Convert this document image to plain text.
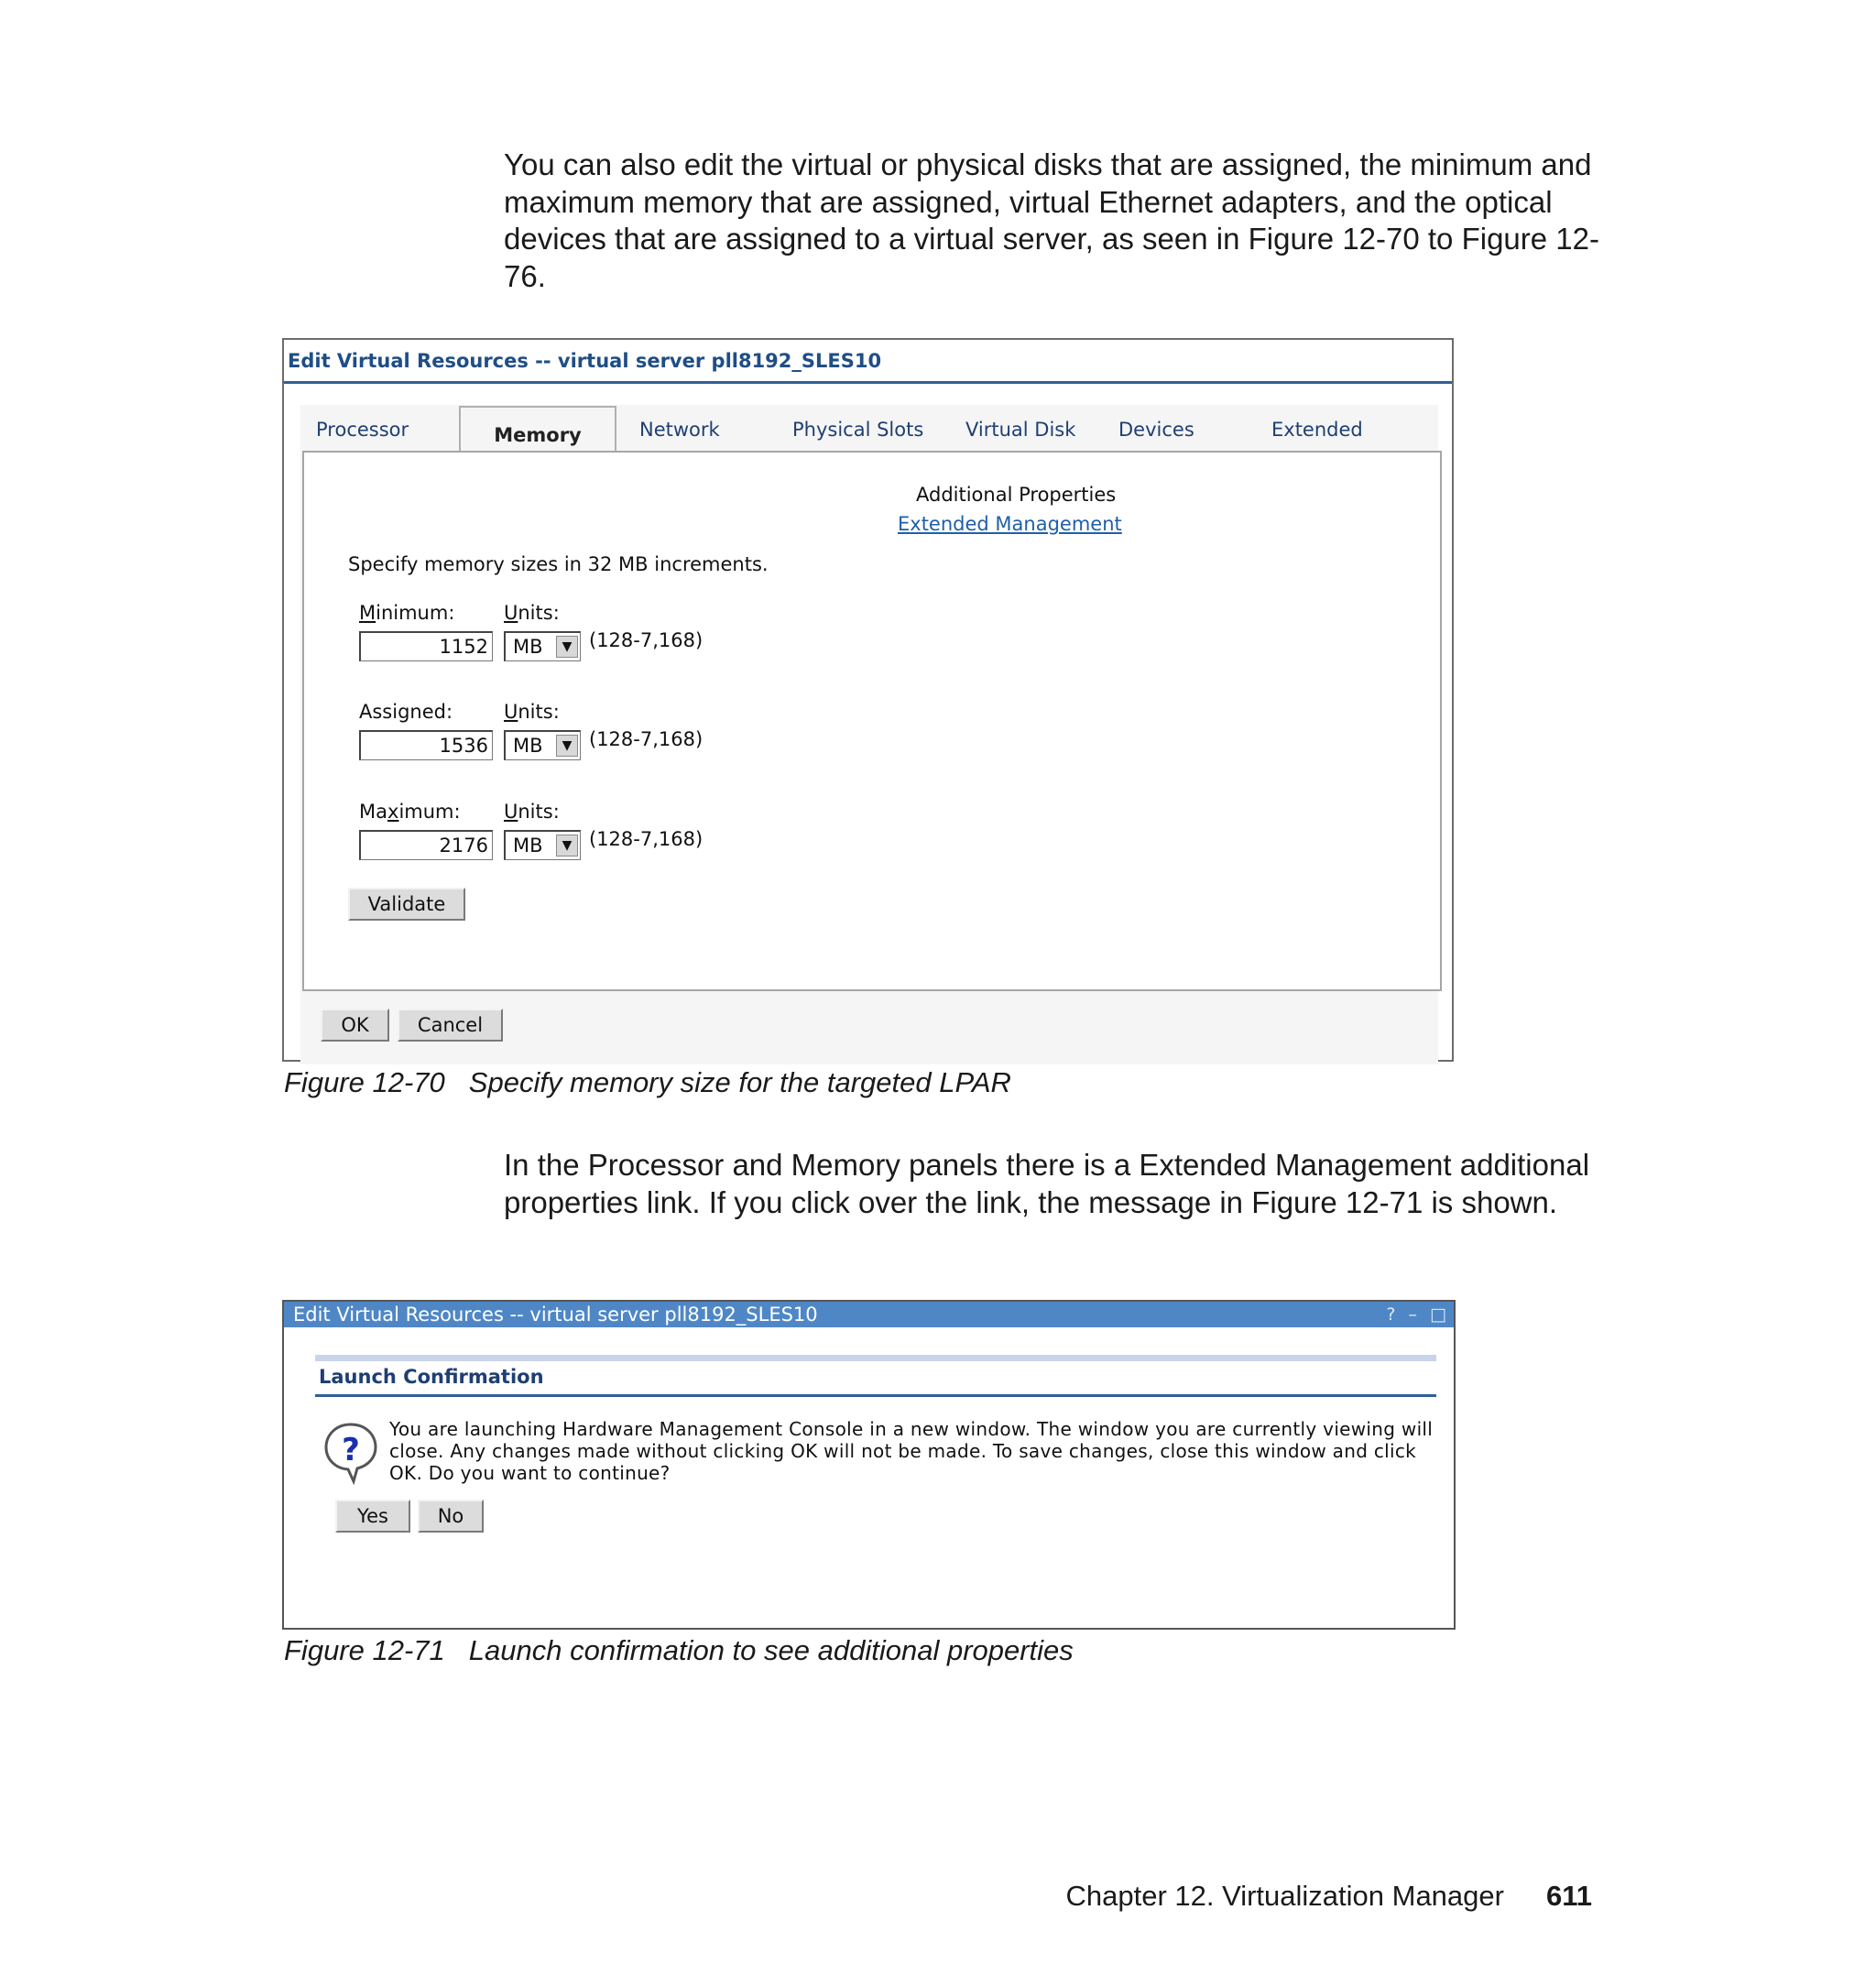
You can also edit the virtual or physical disks that are assigned, the minimum and maximum memory that are assigned, virtual Ethernet adapters, and the optical devices that are assigned to a virtual server, as seen in Figure 12-70 to Figure 12-76.

Edit Virtual Resources -- virtual server pll8192_SLES10
Processor	Memory	Network	Physical Slots Virtual Disk Devices	Extended
Additional Properties
Extended Management
Specify memory sizes in 32 MB increments.
Minimum:	Units:
1152 MB	▼ (128-7,168)
Assigned:	Units:
1536 MB	▼ (128-7,168)
Maximum: Units:
2176 MB	▼ (128-7,168)
Validate
OK	Cancel
Figure 12-70 Specify memory size for the targeted LPAR

In the Processor and Memory panels there is a Extended Management additional properties link. If you click over the link, the message in Figure 12-71 is shown.

Edit Virtual Resources -- virtual server pll8192_SLES10	? – □
Launch Confirmation
?

You are launching Hardware Management Console in a new window. The window you are currently viewing will close. Any changes made without clicking OK will not be made. To save changes, close this window and click OK. Do you want to continue?

Yes	No
Figure 12-71 Launch confirmation to see additional properties
Chapter 12. Virtualization Manager 611
